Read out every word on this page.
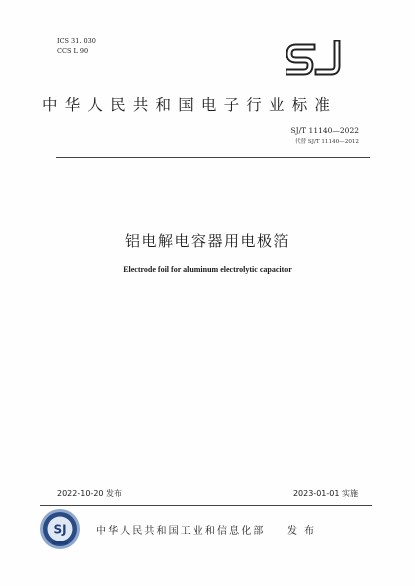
ICS 31. 030
CCS L 90
中华人民共和国电子行业标准
SJ/T 11140—2022
代替 SJ/T 11140—2012
铝电解电容器用电极箔
Electrode foil for aluminum electrolytic capacitor
2022-10-20 发布	2023-01-01 实施
SJ	中华人民共和国工业和信息化部 发布
